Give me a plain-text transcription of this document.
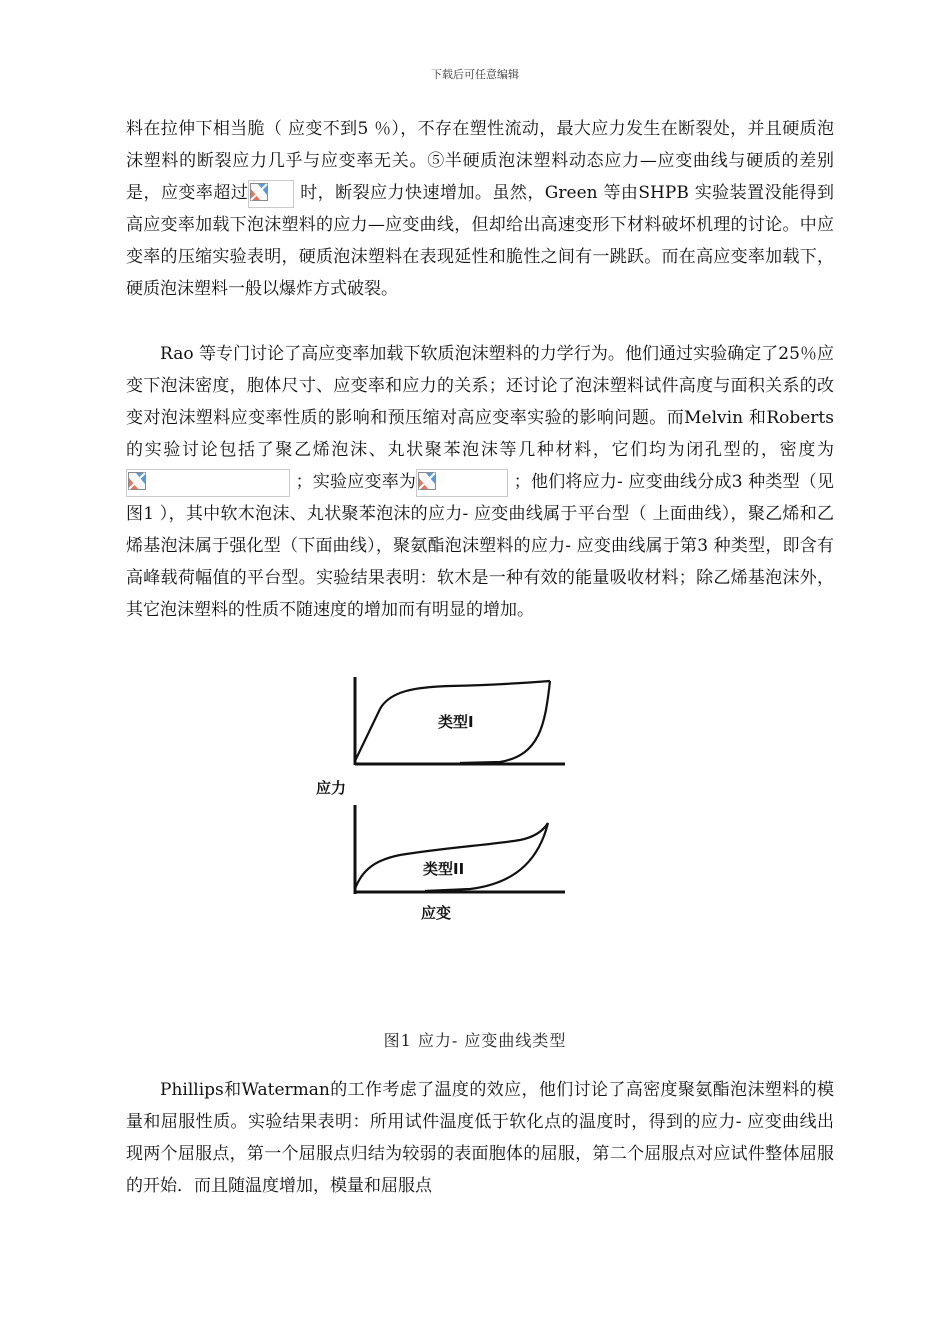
下载后可任意编辑

料在拉伸下相当脆（ 应变不到5 ％），不存在塑性流动，最大应力发生在断裂处，并且硬质泡沫塑料的断裂应力几乎与应变率无关。⑤半硬质泡沫塑料动态应力—应变曲线与硬质的差别是，应变率超过	时，断裂应力快速增加。虽然，Green 等由SHPB 实验装置没能得到高应变率加载下泡沫塑料的应力—应变曲线，但却给出高速变形下材料破坏机理的讨论。中应变率的压缩实验表明，硬质泡沫塑料在表现延性和脆性之间有一跳跃。而在高应变率加载下，硬质泡沫塑料一般以爆炸方式破裂。

Rao 等专门讨论了高应变率加载下软质泡沫塑料的力学行为。他们通过实验确定了25％应变下泡沫密度，胞体尺寸、应变率和应力的关系；还讨论了泡沫塑料试件高度与面积关系的改变对泡沫塑料应变率性质的影响和预压缩对高应变率实验的影响问题。而Melvin 和Roberts的实验讨论包括了聚乙烯泡沫、丸状聚苯泡沫等几种材料，它们均为闭孔型的，密度为
；实验应变率为	；他们将应力- 应变曲线分成3 种类型（见图1 ），其中软木泡沫、丸状聚苯泡沫的应力- 应变曲线属于平台型（ 上面曲线），聚乙烯和乙烯基泡沫属于强化型（下面曲线），聚氨酯泡沫塑料的应力- 应变曲线属于第3 种类型，即含有高峰载荷幅值的平台型。实验结果表明：软木是一种有效的能量吸收材料；除乙烯基泡沫外，其它泡沫塑料的性质不随速度的增加而有明显的增加。

类型I
应力
类型II
应变
图1 应力- 应变曲线类型

Phillips和Waterman的工作考虑了温度的效应，他们讨论了高密度聚氨酯泡沫塑料的模量和屈服性质。实验结果表明：所用试件温度低于软化点的温度时，得到的应力- 应变曲线出现两个屈服点，第一个屈服点归结为较弱的表面胞体的屈服，第二个屈服点对应试件整体屈服的开始．而且随温度增加，模量和屈服点
